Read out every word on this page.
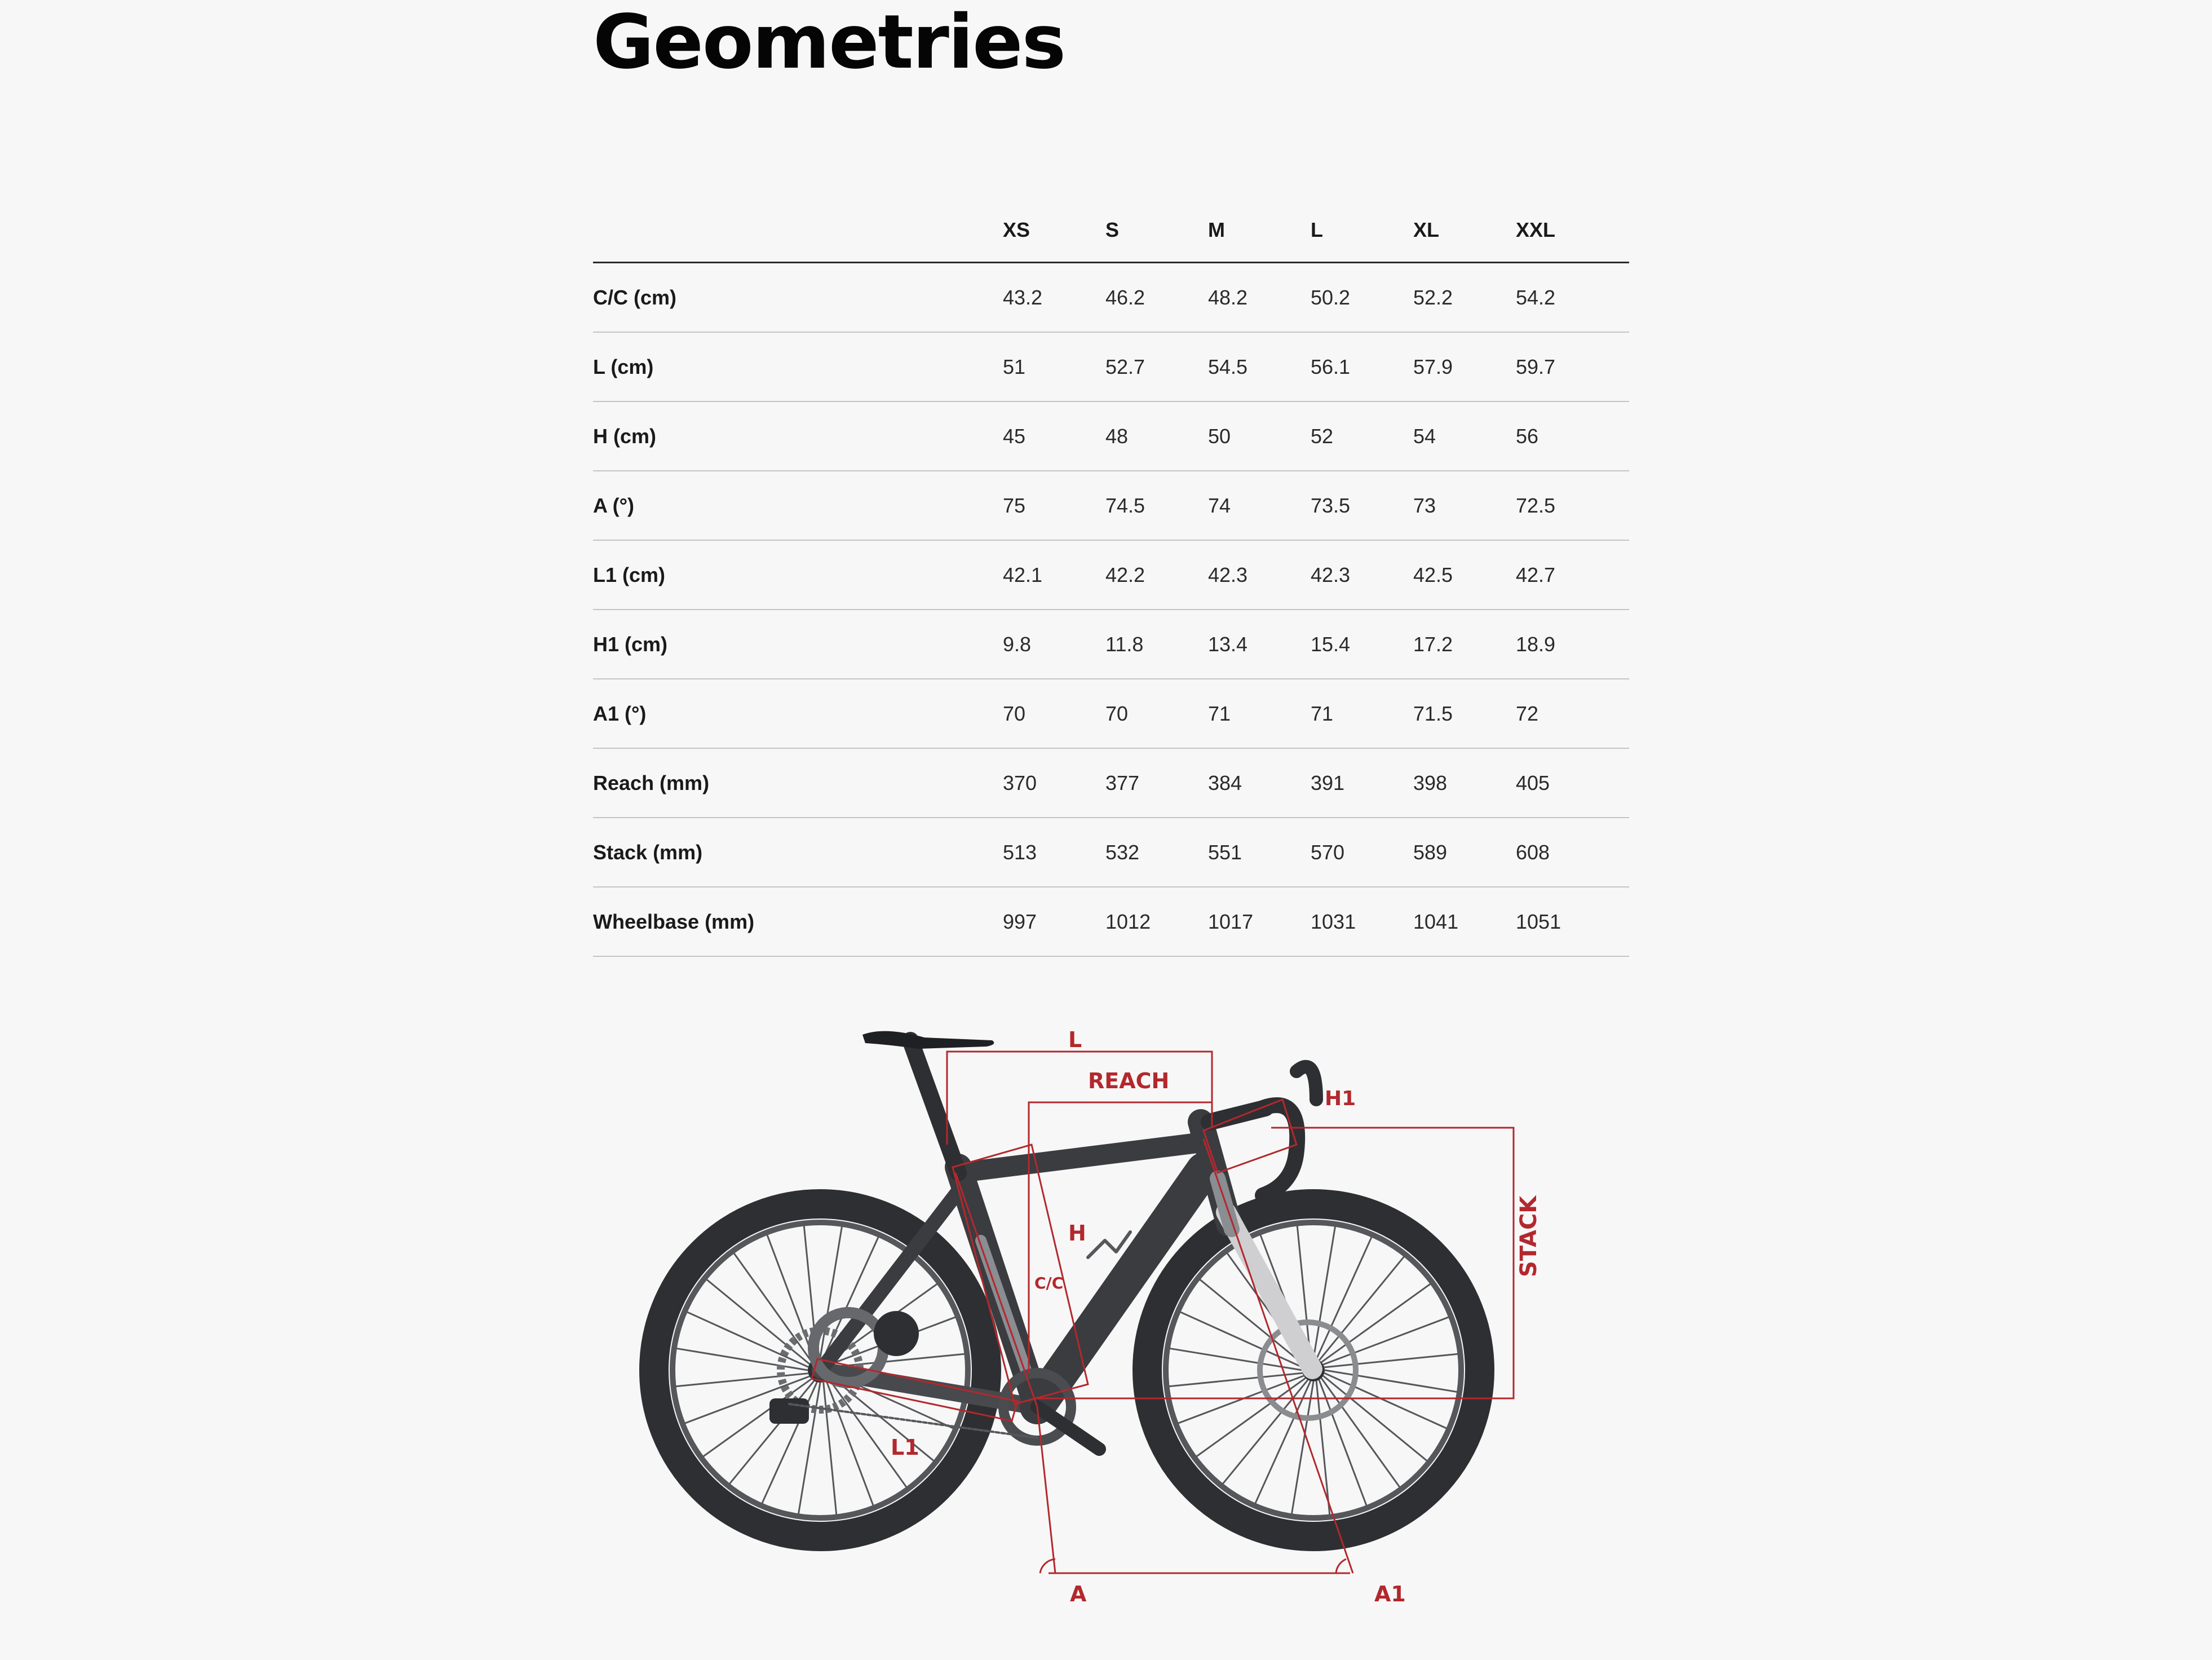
Geometries
	XS	S	M	L	XL	XXL
C/C (cm)	43.2	46.2	48.2	50.2	52.2	54.2
L (cm)	51	52.7	54.5	56.1	57.9	59.7
H (cm)	45	48	50	52	54	56
A (°)	75	74.5	74	73.5	73	72.5
L1 (cm)	42.1	42.2	42.3	42.3	42.5	42.7
H1 (cm)	9.8	11.8	13.4	15.4	17.2	18.9
A1 (°)	70	70	71	71	71.5	72
Reach (mm)	370	377	384	391	398	405
Stack (mm)	513	532	551	570	589	608
Wheelbase (mm)	997	1012	1017	1031	1041	1051
L
REACH
H1
H
C/C
STACK
L1
A	A1
